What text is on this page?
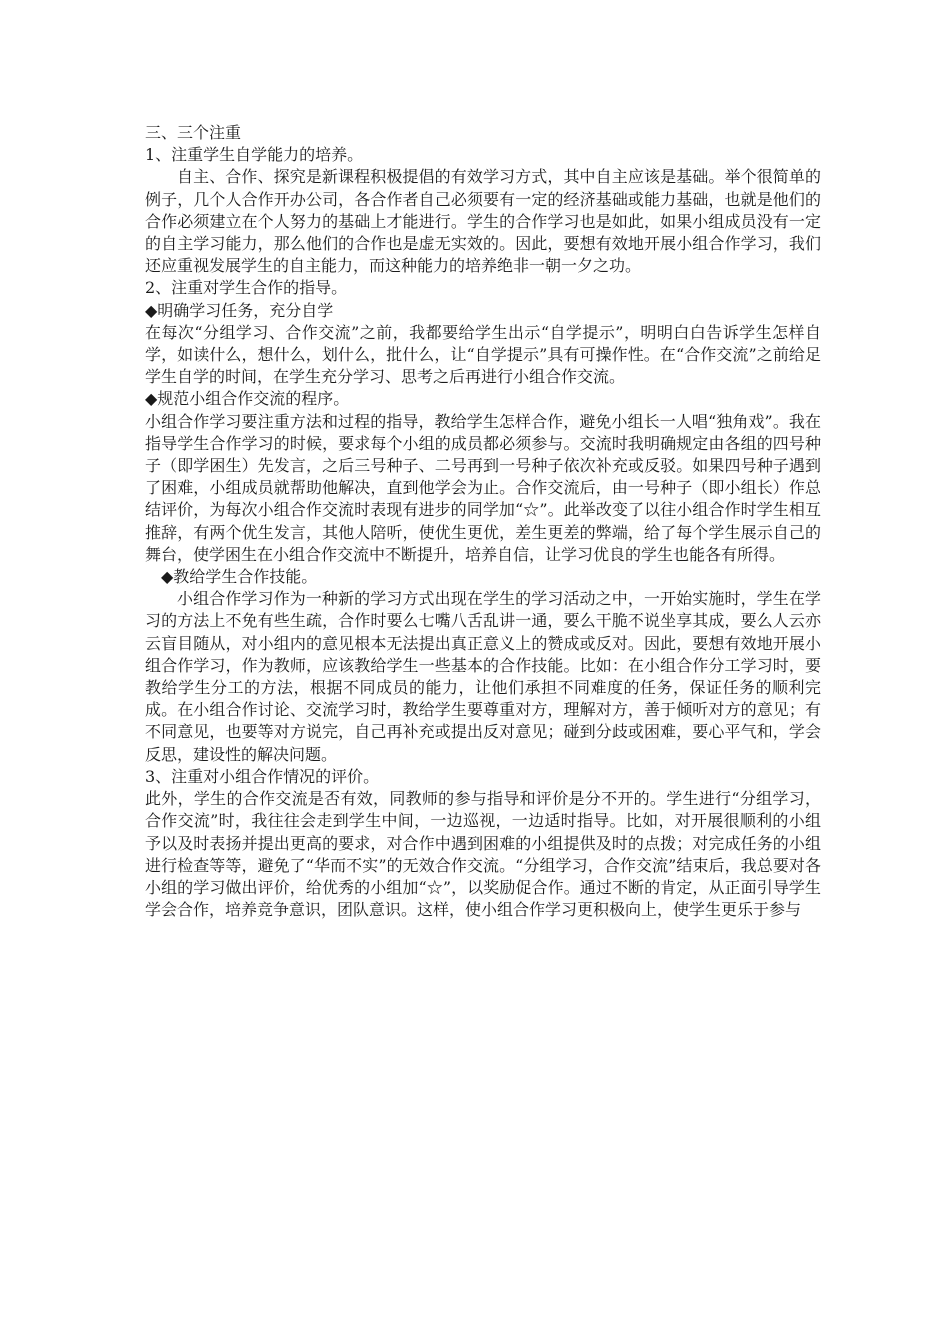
三、三个注重

1、注重学生自学能力的培养。

自主、合作、探究是新课程积极提倡的有效学习方式，其中自主应该是基础。举个很简单的例子，几个人合作开办公司，各合作者自己必须要有一定的经济基础或能力基础，也就是他们的合作必须建立在个人努力的基础上才能进行。学生的合作学习也是如此，如果小组成员没有一定的自主学习能力，那么他们的合作也是虚无实效的。因此，要想有效地开展小组合作学习，我们还应重视发展学生的自主能力，而这种能力的培养绝非一朝一夕之功。

2、注重对学生合作的指导。

◆明确学习任务，充分自学

在每次“分组学习、合作交流”之前，我都要给学生出示“自学提示”，明明白白告诉学生怎样自学，如读什么，想什么，划什么，批什么，让“自学提示”具有可操作性。在“合作交流”之前给足学生自学的时间，在学生充分学习、思考之后再进行小组合作交流。

◆规范小组合作交流的程序。

小组合作学习要注重方法和过程的指导，教给学生怎样合作，避免小组长一人唱“独角戏”。我在指导学生合作学习的时候，要求每个小组的成员都必须参与。交流时我明确规定由各组的四号种子（即学困生）先发言，之后三号种子、二号再到一号种子依次补充或反驳。如果四号种子遇到了困难，小组成员就帮助他解决，直到他学会为止。合作交流后，由一号种子（即小组长）作总结评价，为每次小组合作交流时表现有进步的同学加“☆”。此举改变了以往小组合作时学生相互推辞，有两个优生发言，其他人陪听，使优生更优，差生更差的弊端，给了每个学生展示自己的舞台，使学困生在小组合作交流中不断提升，培养自信，让学习优良的学生也能各有所得。

◆教给学生合作技能。

小组合作学习作为一种新的学习方式出现在学生的学习活动之中，一开始实施时，学生在学习的方法上不免有些生疏，合作时要么七嘴八舌乱讲一通，要么干脆不说坐享其成，要么人云亦云盲目随从，对小组内的意见根本无法提出真正意义上的赞成或反对。因此，要想有效地开展小组合作学习，作为教师，应该教给学生一些基本的合作技能。比如：在小组合作分工学习时，要教给学生分工的方法，根据不同成员的能力，让他们承担不同难度的任务，保证任务的顺利完成。在小组合作讨论、交流学习时，教给学生要尊重对方，理解对方，善于倾听对方的意见；有不同意见，也要等对方说完，自己再补充或提出反对意见；碰到分歧或困难，要心平气和，学会反思，建设性的解决问题。

3、注重对小组合作情况的评价。

此外，学生的合作交流是否有效，同教师的参与指导和评价是分不开的。学生进行“分组学习，合作交流”时，我往往会走到学生中间，一边巡视，一边适时指导。比如，对开展很顺利的小组予以及时表扬并提出更高的要求，对合作中遇到困难的小组提供及时的点拨；对完成任务的小组进行检查等等，避免了“华而不实”的无效合作交流。“分组学习，合作交流”结束后，我总要对各小组的学习做出评价，给优秀的小组加“☆”，以奖励促合作。通过不断的肯定，从正面引导学生学会合作，培养竞争意识，团队意识。这样，使小组合作学习更积极向上，使学生更乐于参与
